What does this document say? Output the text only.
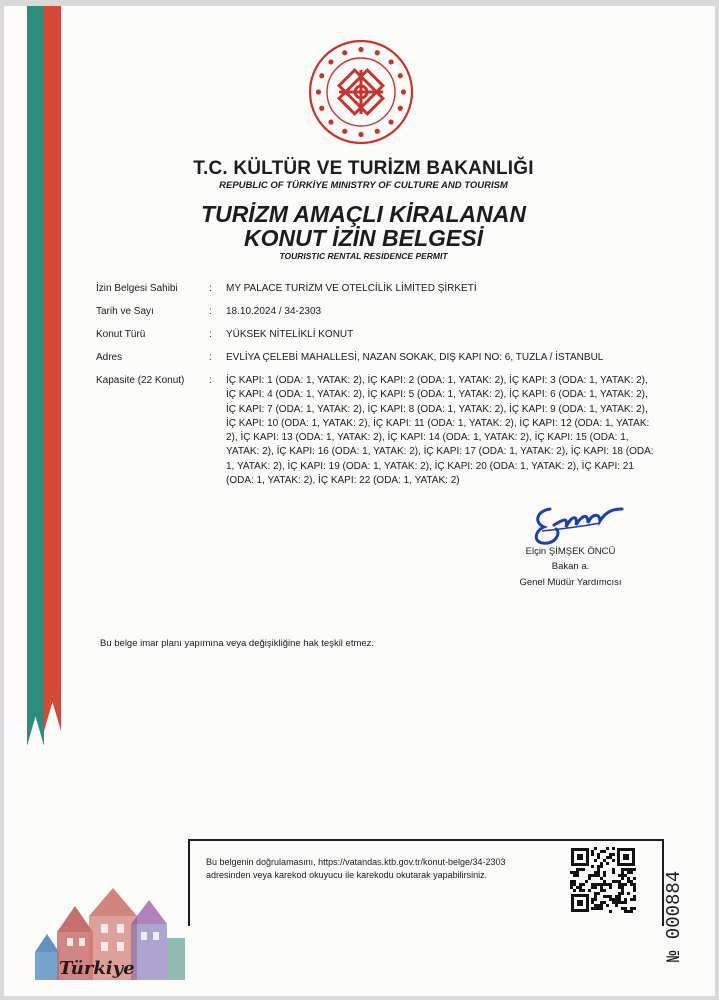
T.C. KÜLTÜR VE TURİZM BAKANLIĞI
REPUBLIC OF TÜRKİYE MINISTRY OF CULTURE AND TOURISM
TURİZM AMAÇLI KİRALANAN
KONUT İZİN BELGESİ
TOURISTIC RENTAL RESIDENCE PERMIT
İzin Belgesi Sahibi	:	MY PALACE TURİZM VE OTELCİLİK LİMİTED ŞİRKETİ
Tarih ve Sayı	:	18.10.2024 / 34-2303
Konut Türü	:	YÜKSEK NİTELİKLİ KONUT
Adres	:	EVLİYA ÇELEBİ MAHALLESİ, NAZAN SOKAK, DIŞ KAPI NO: 6, TUZLA / İSTANBUL
Kapasite (22 Konut)	:	İÇ KAPI: 1 (ODA: 1, YATAK: 2), İÇ KAPI: 2 (ODA: 1, YATAK: 2), İÇ KAPI: 3 (ODA: 1, YATAK: 2), İÇ KAPI: 4 (ODA: 1, YATAK: 2), İÇ KAPI: 5 (ODA: 1, YATAK: 2), İÇ KAPI: 6 (ODA: 1, YATAK: 2), İÇ KAPI: 7 (ODA: 1, YATAK: 2), İÇ KAPI: 8 (ODA: 1, YATAK: 2), İÇ KAPI: 9 (ODA: 1, YATAK: 2), İÇ KAPI: 10 (ODA: 1, YATAK: 2), İÇ KAPI: 11 (ODA: 1, YATAK: 2), İÇ KAPI: 12 (ODA: 1, YATAK: 2), İÇ KAPI: 13 (ODA: 1, YATAK: 2), İÇ KAPI: 14 (ODA: 1, YATAK: 2), İÇ KAPI: 15 (ODA: 1, YATAK: 2), İÇ KAPI: 16 (ODA: 1, YATAK: 2), İÇ KAPI: 17 (ODA: 1, YATAK: 2), İÇ KAPI: 18 (ODA: 1, YATAK: 2), İÇ KAPI: 19 (ODA: 1, YATAK: 2), İÇ KAPI: 20 (ODA: 1, YATAK: 2), İÇ KAPI: 21 (ODA: 1, YATAK: 2), İÇ KAPI: 22 (ODA: 1, YATAK: 2)
Elçin ŞİMŞEK ÖNCÜ
Bakan a.
Genel Müdür Yardımcısı
Bu belge imar planı yapımına veya değişikliğine hak teşkil etmez.
Türkiye
Bu belgenin doğrulamasını, https://vatandas.ktb.gov.tr/konut-belge/34-2303
adresinden veya karekod okuyucu ile karekodu okutarak yapabilirsiniz.	№ 000884
